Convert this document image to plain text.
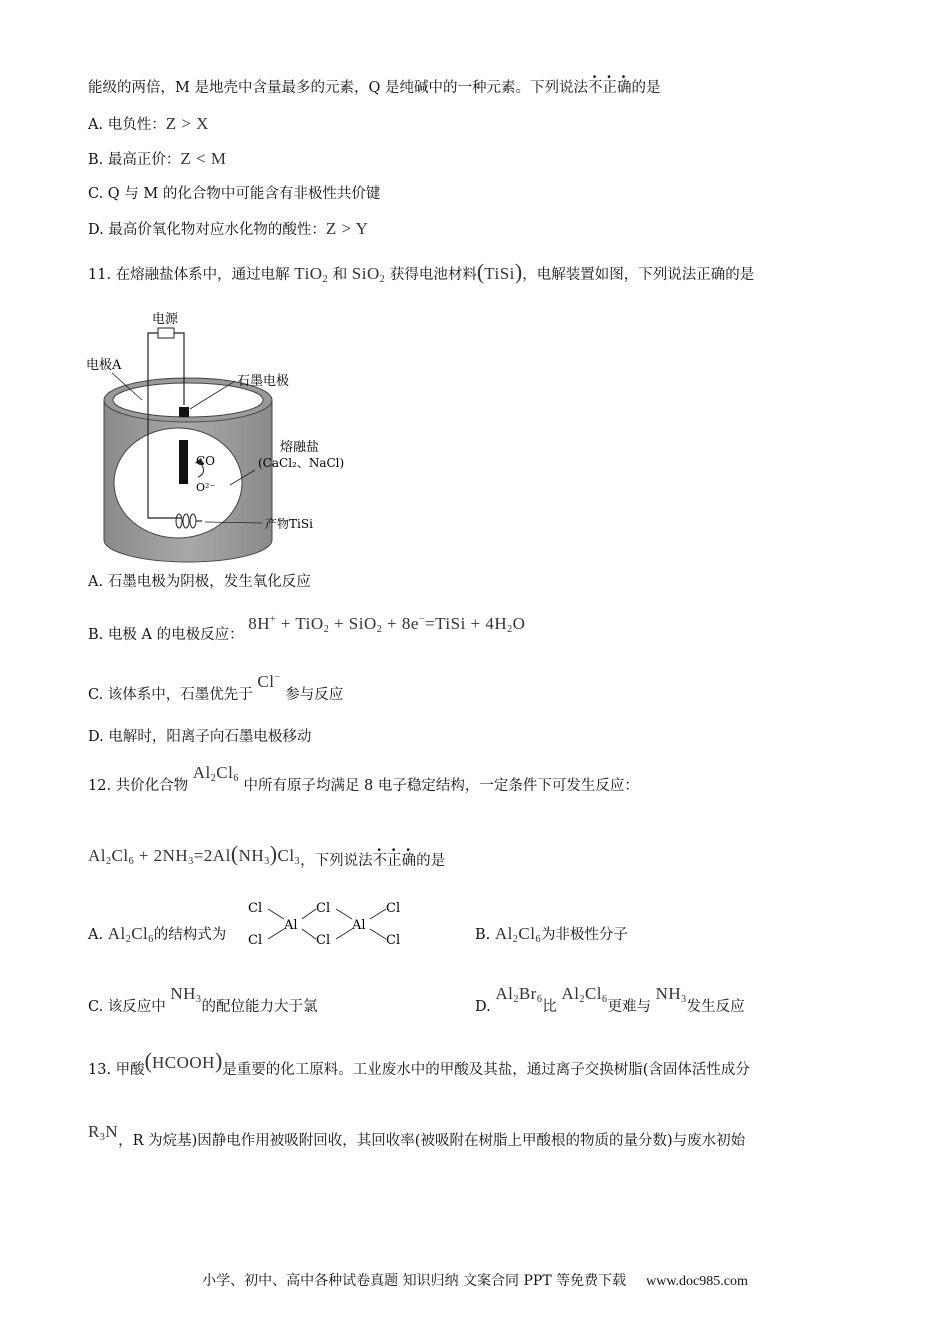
能级的两倍，M 是地壳中含量最多的元素，Q 是纯碱中的一种元素。下列说法不正确的是
A. 电负性：Z > X
B. 最高正价：Z < M
C. Q 与 M 的化合物中可能含有非极性共价键
D. 最高价氧化物对应水化物的酸性：Z > Y
11. 在熔融盐体系中，通过电解 TiO$_2$ 和 SiO$_2$ 获得电池材料(TiSi)，电解装置如图，下列说法正确的是
电源
电极A
石墨电极
熔融盐
(CaCl₂、NaCl)
CO
O²⁻
产物TiSi
A. 石墨电极为阴极，发生氧化反应
B. 电极 A 的电极反应： 8H+ + TiO$_2$ + SiO$_2$ + 8e−=TiSi + $4H_2O$
C. 该体系中，石墨优先于 Cl− 参与反应
D. 电解时，阳离子向石墨电极移动
12. 共价化合物 $Al_2Cl_6$ 中所有原子均满足 8 电子稳定结构，一定条件下可发生反应：
$Al_2Cl_6 + 2NH_3=2Al(NH_3)Cl_3$，下列说法不正确的是
A. $Al_2Cl_6$的结构式为
Cl
Cl
Al
Cl
Cl
Al
Cl
Cl	B. $Al_2Cl_6$为非极性分子
C. 该反应中 $NH_3$的配位能力大于氯	D. $Al_2Br_6$比 $Al_2Cl_6$更难与 $NH_3$发生反应
13. 甲酸(HCOOH)是重要的化工原料。工业废水中的甲酸及其盐，通过离子交换树脂(含固体活性成分
$R_3N$，R 为烷基)因静电作用被吸附回收，其回收率(被吸附在树脂上甲酸根的物质的量分数)与废水初始
小学、初中、高中各种试卷真题 知识归纳 文案合同 PPT 等免费下载 www.doc985.com
